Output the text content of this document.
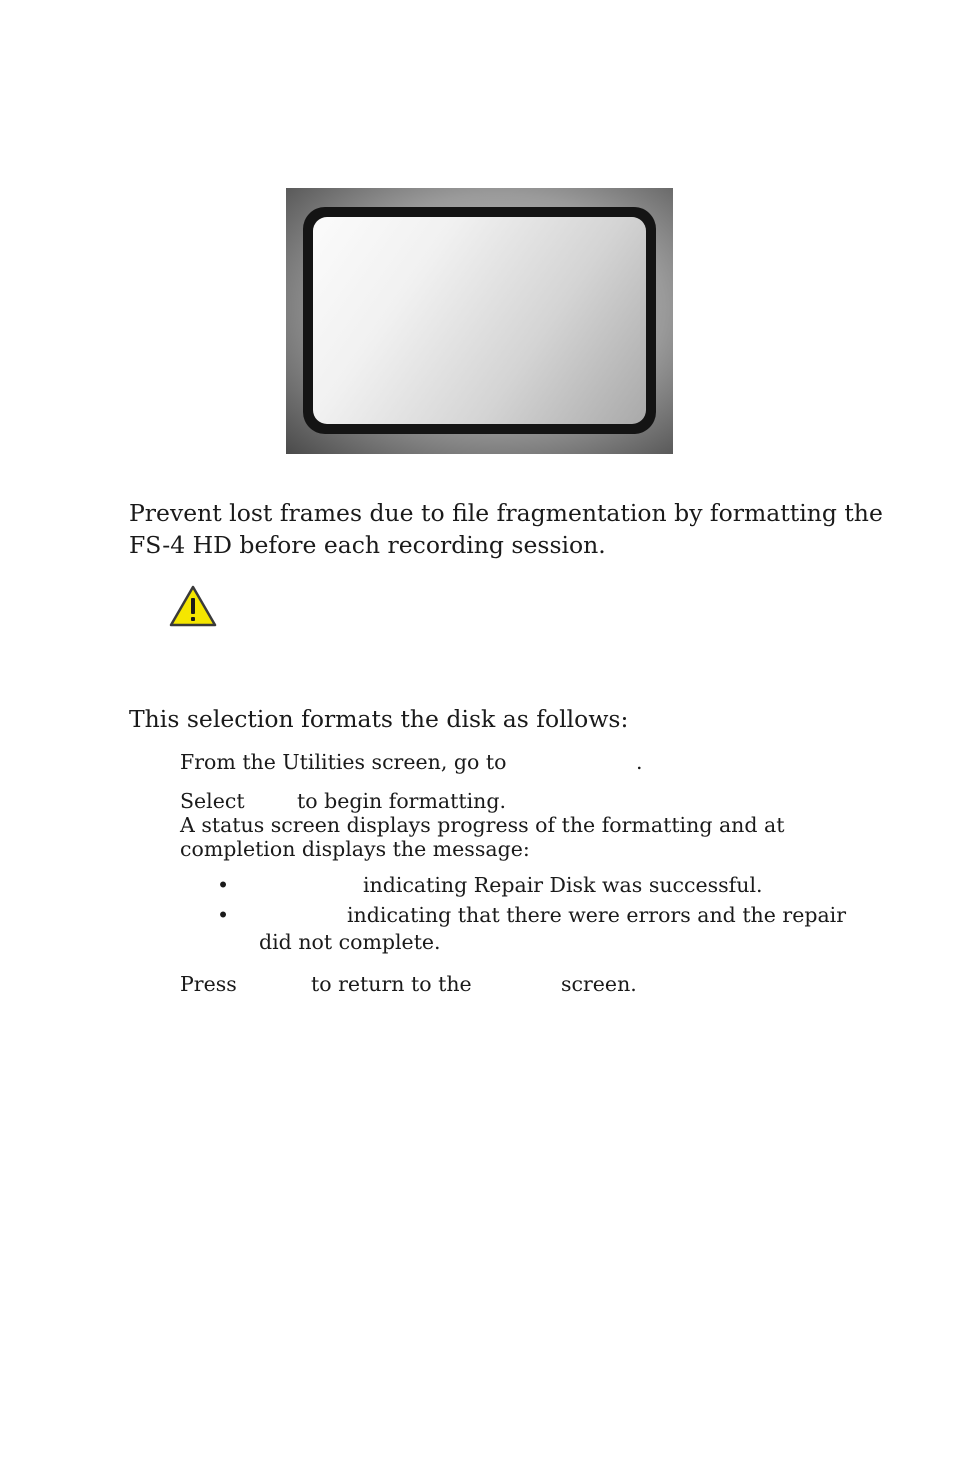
Prevent lost frames due to file fragmentation by formatting the

FS-4 HD before each recording session.

This selection formats the disk as follows:

From the Utilities screen, go to	.

Select	to begin formatting.

A status screen displays progress of the formatting and at

completion displays the message:

•	indicating Repair Disk was successful.

•	indicating that there were errors and the repair

did not complete.

Press	to return to the	screen.
